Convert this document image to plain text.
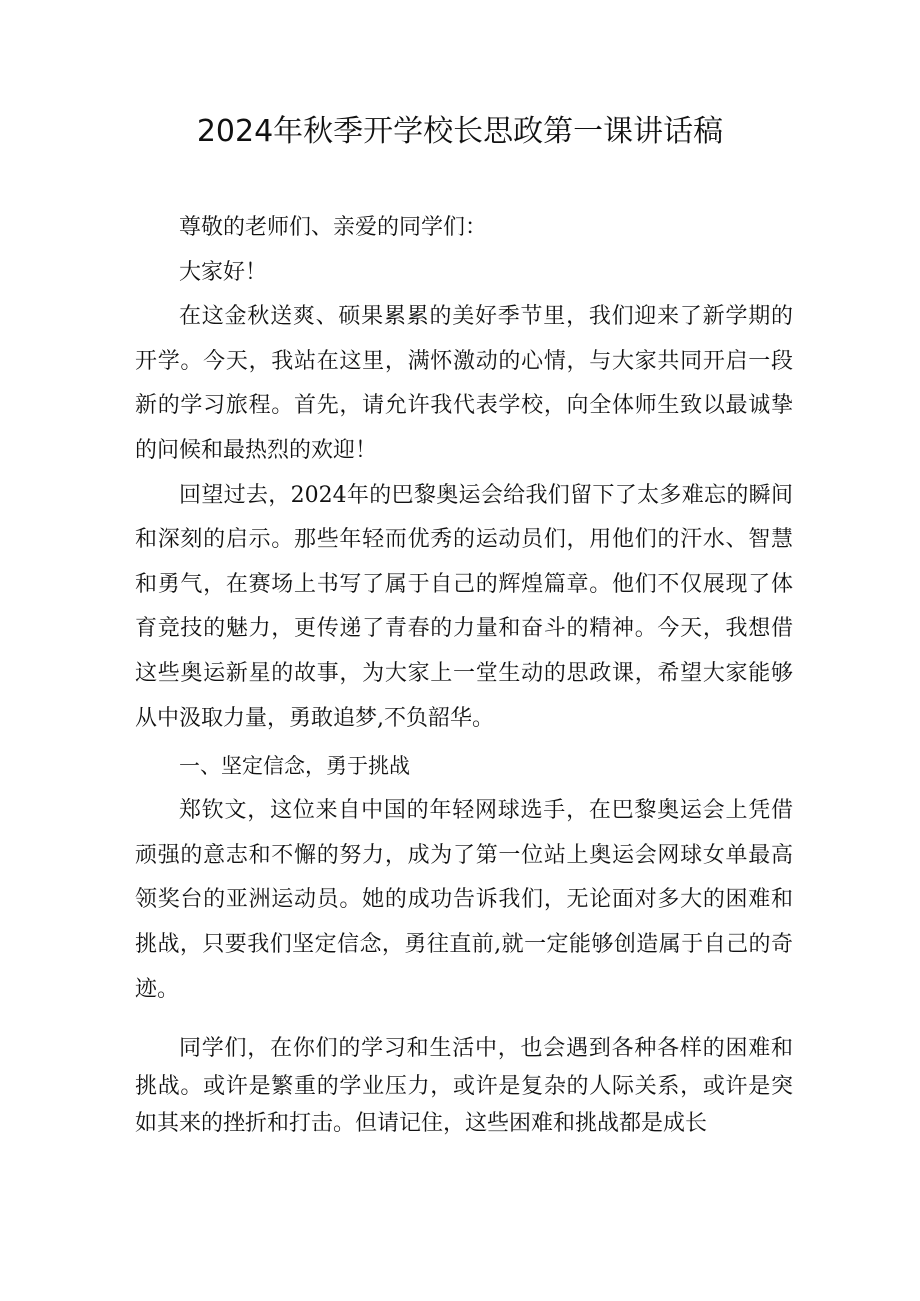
2024年秋季开学校长思政第一课讲话稿

尊敬的老师们、亲爱的同学们：

大家好！

在这金秋送爽、硕果累累的美好季节里，我们迎来了新学期的开学。今天，我站在这里，满怀激动的心情，与大家共同开启一段新的学习旅程。首先，请允许我代表学校，向全体师生致以最诚挚的问候和最热烈的欢迎！

回望过去，2024年的巴黎奥运会给我们留下了太多难忘的瞬间和深刻的启示。那些年轻而优秀的运动员们，用他们的汗水、智慧和勇气，在赛场上书写了属于自己的辉煌篇章。他们不仅展现了体育竞技的魅力，更传递了青春的力量和奋斗的精神。今天，我想借这些奥运新星的故事，为大家上一堂生动的思政课，希望大家能够从中汲取力量，勇敢追梦,不负韶华。

一、坚定信念，勇于挑战

郑钦文，这位来自中国的年轻网球选手，在巴黎奥运会上凭借顽强的意志和不懈的努力，成为了第一位站上奥运会网球女单最高领奖台的亚洲运动员。她的成功告诉我们，无论面对多大的困难和挑战，只要我们坚定信念，勇往直前,就一定能够创造属于自己的奇迹。

同学们，在你们的学习和生活中，也会遇到各种各样的困难和挑战。或许是繁重的学业压力，或许是复杂的人际关系，或许是突如其来的挫折和打击。但请记住，这些困难和挑战都是成长
